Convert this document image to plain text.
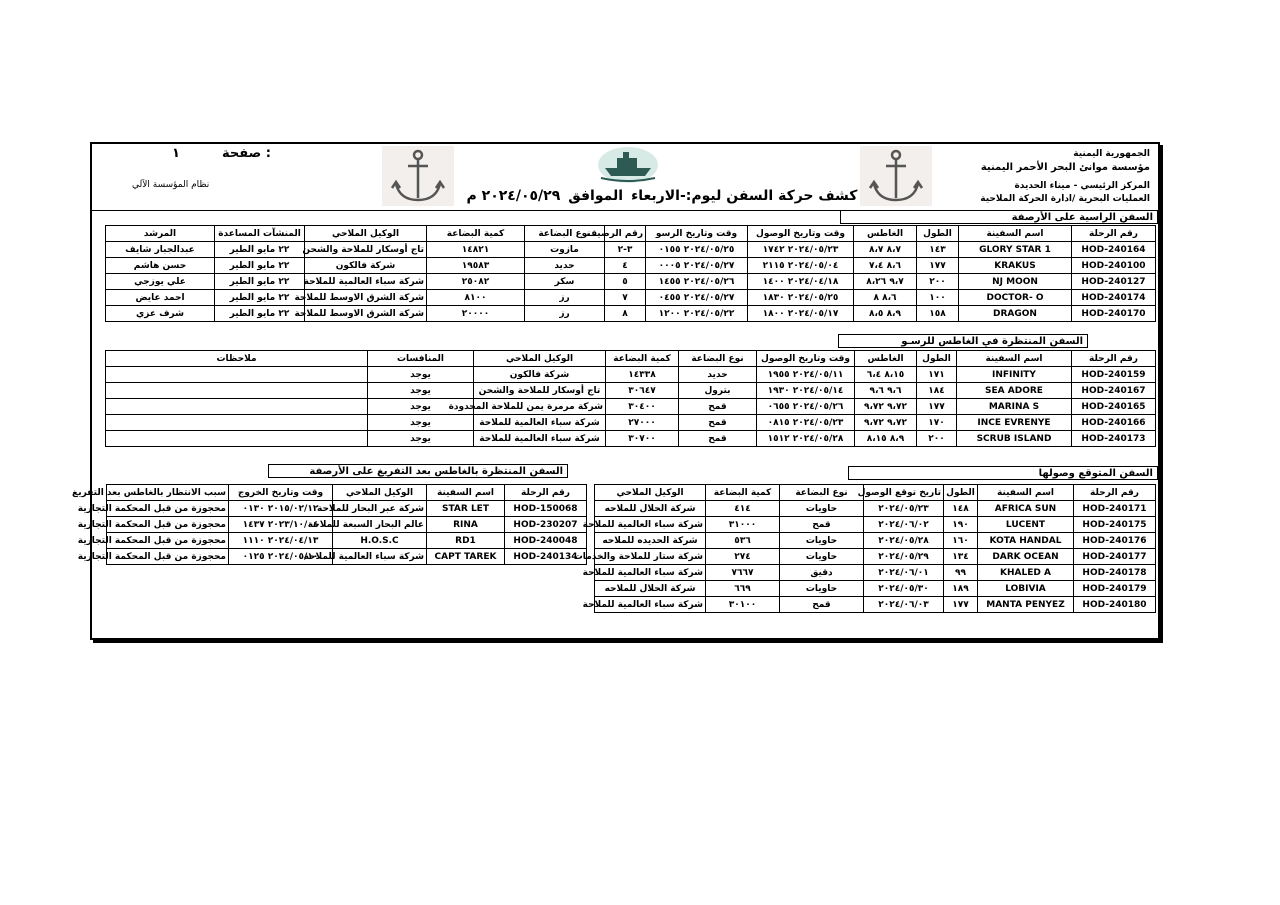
الجمهورية اليمنية
مؤسسة موانئ البحر الأحمر اليمنية
المركز الرئيسي - ميناء الحديدة
العمليات البحرية /ادارة الحركة الملاحية
صفحة :
١
نظام المؤسسة الآلي
كشف حركة السفن ليوم:-الاربعاءالموافق٢٠٢٤/٠٥/٢٩ م
السفن الراسية على الأرصفة
رقم الرحلة	اسم السفينة	الطول	الغاطس	وقت وتاريخ الوصول	وقت وتاريخ الرسو	رقم الرصيف	نوع البضاعة	كمية البضاعة	الوكيل الملاحي	المنشآت المساعدة	المرشد
HOD-240164	GLORY STAR 1	١٤٣	٨،٧ ٨،٧	٢٠٢٤/٠٥/٢٣ ١٧٤٢	٢٠٢٤/٠٥/٢٥ ٠١٥٥	٣-٢	مازوت	١٤٨٢١	تاج أوسكار للملاحة والشحن	٢٢ مايو الطير	عبدالجبار شايف
HOD-240100	KRAKUS	١٧٧	٨،٦ ٧،٤	٢٠٢٤/٠٥/٠٤ ٢١١٥	٢٠٢٤/٠٥/٢٧ ٠٠٠٥	٤	حديد	١٩٥٨٣	شركة فالكون	٢٢ مايو الطير	حسن هاشم
HOD-240127	NJ MOON	٢٠٠	٩،٧ ٨،٢٦	٢٠٢٤/٠٤/١٨ ١٤٠٠	٢٠٢٤/٠٥/٢٦ ١٤٥٥	٥	سكر	٢٥٠٨٢	شركة سباء العالمية للملاحة	٢٢ مايو الطير	علي يوزجي
HOD-240174	DOCTOR- O	١٠٠	٨،٦ ٨	٢٠٢٤/٠٥/٢٥ ١٨٣٠	٢٠٢٤/٠٥/٢٧ ٠٤٥٥	٧	رز	٨١٠٠	شركة الشرق الاوسط للملاحة	٢٢ مايو الطير	احمد عايض
HOD-240170	DRAGON	١٥٨	٨،٩ ٨،٥	٢٠٢٤/٠٥/١٧ ١٨٠٠	٢٠٢٤/٠٥/٢٢ ١٢٠٠	٨	رز	٢٠٠٠٠	شركة الشرق الاوسط للملاحة	٢٢ مايو الطير	شرف عزي
السفن المنتظرة في الغاطس للرسـو
رقم الرحلة	اسم السفينة	الطول	الغاطس	وقت وتاريخ الوصول	نوع البضاعة	كمية البضاعة	الوكيل الملاحي	المنافسات	ملاحظات
HOD-240159	INFINITY	١٧١	٨،١٥ ٦،٤	٢٠٢٤/٠٥/١١ ١٩٥٥	حديد	١٤٣٣٨	شركة فالكون	يوجد	
HOD-240167	SEA ADORE	١٨٤	٩،٦ ٩،٦	٢٠٢٤/٠٥/١٤ ١٩٣٠	بترول	٣٠٦٤٧	تاج أوسكار للملاحة والشحن	يوجد	
HOD-240165	MARINA S	١٧٧	٩،٧٢ ٩،٧٢	٢٠٢٤/٠٥/٢٦ ٠٦٥٥	قمح	٣٠٤٠٠	شركة مرمرة يمن للملاحة المحدودة	يوجد	
HOD-240166	INCE EVRENYE	١٧٠	٩،٧٢ ٩،٧٢	٢٠٢٤/٠٥/٢٣ ٠٨١٥	قمح	٢٧٠٠٠	شركة سباء العالمية للملاحة	يوجد	
HOD-240173	SCRUB ISLAND	٢٠٠	٨،٩ ٨،١٥	٢٠٢٤/٠٥/٢٨ ١٥١٢	قمح	٣٠٧٠٠	شركة سباء العالمية للملاحة	يوجد	
السفن المتوقع وصولها
رقم الرحلة	اسم السفينة	الطول	تاريخ توقع الوصول	نوع البضاعة	كمية البضاعة	الوكيل الملاحي
HOD-240171	AFRICA SUN	١٤٨	٢٠٢٤/٠٥/٢٣	حاويات	٤١٤	شركة الحلال للملاحه
HOD-240175	LUCENT	١٩٠	٢٠٢٤/٠٦/٠٢	قمح	٣١٠٠٠	شركة سباء العالمية للملاحة
HOD-240176	KOTA HANDAL	١٦٠	٢٠٢٤/٠٥/٢٨	حاويات	٥٣٦	شركة الحديده للملاحه
HOD-240177	DARK OCEAN	١٣٤	٢٠٢٤/٠٥/٢٩	حاويات	٢٧٤	شركة ستار للملاحة والخدمات
HOD-240178	KHALED A	٩٩	٢٠٢٤/٠٦/٠١	دقيق	٧٦٦٧	شركة سباء العالمية للملاحة
HOD-240179	LOBIVIA	١٨٩	٢٠٢٤/٠٥/٣٠	حاويات	٦٦٩	شركة الحلال للملاحه
HOD-240180	MANTA PENYEZ	١٧٧	٢٠٢٤/٠٦/٠٣	قمح	٣٠١٠٠	شركة سباء العالمية للملاحة
السفن المنتظرة بالغاطس بعد التفريغ على الأرصفة
رقم الرحلة	اسم السفينة	الوكيل الملاحي	وقت وتاريخ الخروج	سبب الانتظار بالغاطس بعد التفريغ
HOD-150068	STAR LET	شركة عبر البحار للملاحة	٢٠١٥/٠٢/١٢ ٠١٣٠	محجوزة من قبل المحكمة التجارية
HOD-230207	RINA	عالم البحار السبعة للملاحة	٢٠٢٣/١٠/٠٤ ١٤٣٧	محجوزة من قبل المحكمة التجارية
HOD-240048	RD1	H.O.S.C	٢٠٢٤/٠٤/١٣ ١١١٠	محجوزة من قبل المحكمة التجارية
HOD-240134	CAPT TAREK	شركة سباء العالمية للملاحة	٢٠٢٤/٠٥/١٠ ٠١٢٥	محجوزة من قبل المحكمة التجارية
